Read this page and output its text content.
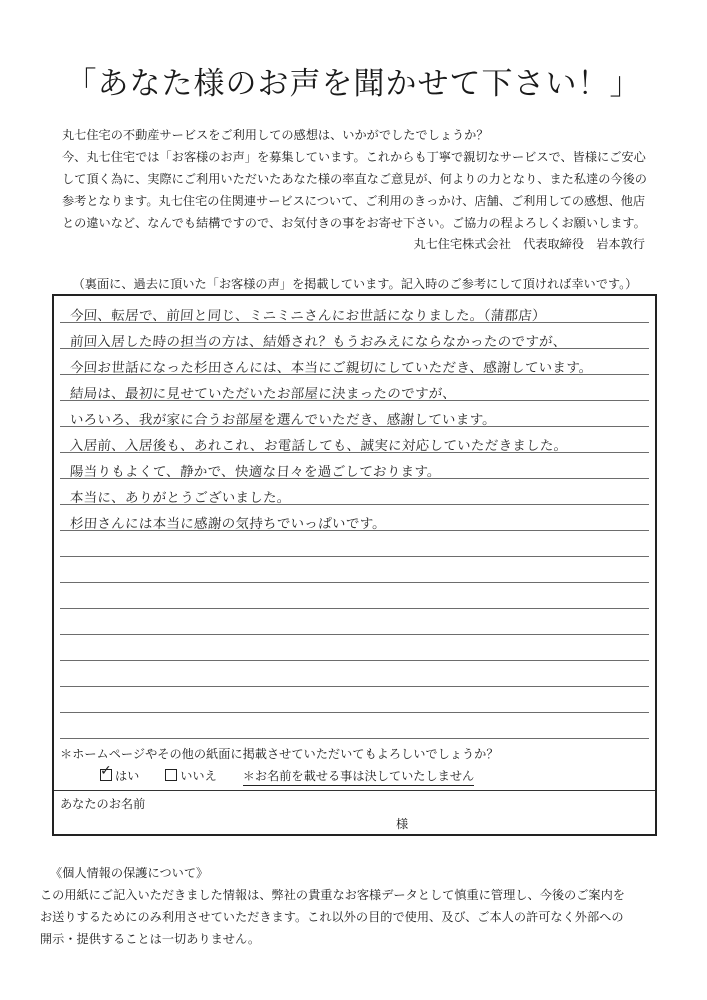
「あなた様のお声を聞かせて下さい！」

丸七住宅の不動産サービスをご利用しての感想は、いかがでしたでしょうか？

今、丸七住宅では「お客様のお声」を募集しています。これからも丁寧で親切なサービスで、皆様にご安心

して頂く為に、実際にご利用いただいたあなた様の率直なご意見が、何よりの力となり、また私達の今後の

参考となります。丸七住宅の住関連サービスについて、ご利用のきっかけ、店舗、ご利用しての感想、他店

との違いなど、なんでも結構ですので、お気付きの事をお寄せ下さい。ご協力の程よろしくお願いします。

丸七住宅株式会社　代表取締役　岩本敦行
（裏面に、過去に頂いた「お客様の声」を掲載しています。記入時のご参考にして頂ければ幸いです。）
今回、転居で、前回と同じ、ミニミニさんにお世話になりました。（蒲郡店）
前回入居した時の担当の方は、結婚され？もうおみえにならなかったのですが、
今回お世話になった杉田さんには、本当にご親切にしていただき、感謝しています。
結局は、最初に見せていただいたお部屋に決まったのですが、
いろいろ、我が家に合うお部屋を選んでいただき、感謝しています。
入居前、入居後も、あれこれ、お電話しても、誠実に対応していただきました。
陽当りもよくて、静かで、快適な日々を過ごしております。
本当に、ありがとうございました。
杉田さんには本当に感謝の気持ちでいっぱいです。
＊ホームページやその他の紙面に掲載させていただいてもよろしいでしょうか？
✓ はい	いいえ ＊お名前を載せる事は決していたしません
あなたのお名前
様

《個人情報の保護について》

この用紙にご記入いただきました情報は、弊社の貴重なお客様データとして慎重に管理し、今後のご案内を

お送りするためにのみ利用させていただきます。これ以外の目的で使用、及び、ご本人の許可なく外部への

開示・提供することは一切ありません。
